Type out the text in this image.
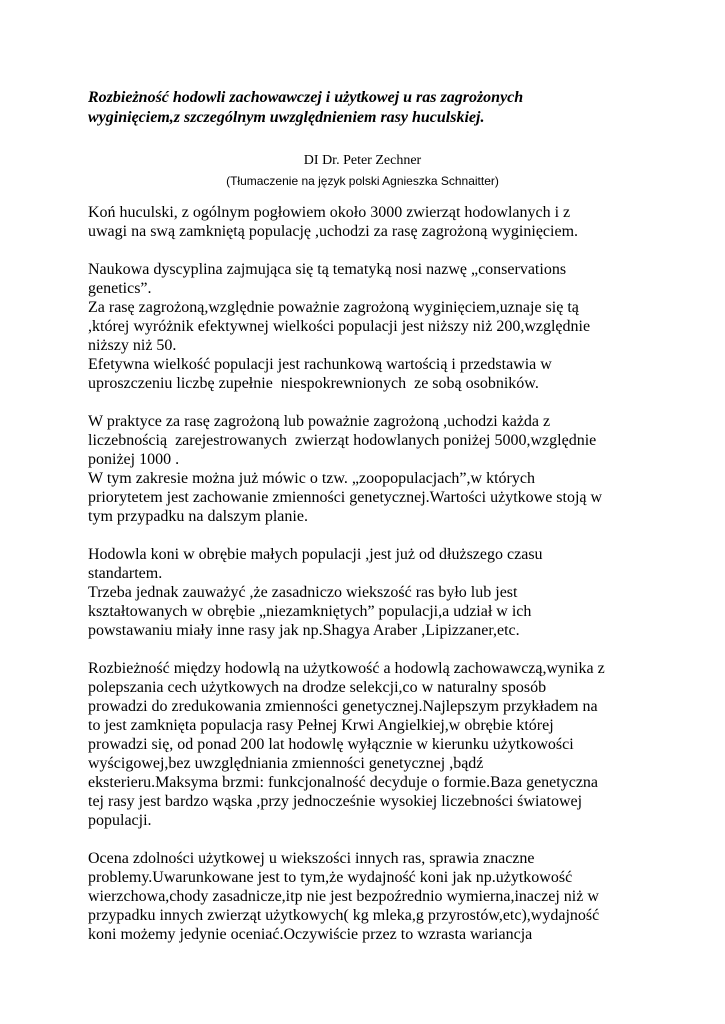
Rozbieżność hodowli zachowawczej i użytkowej u ras zagrożonych
wyginięciem,z szczególnym uwzględnieniem rasy huculskiej.

DI Dr. Peter Zechner

(Tłumaczenie na język polski Agnieszka Schnaitter)

Koń huculski, z ogólnym pogłowiem około 3000 zwierząt hodowlanych i z
uwagi na swą zamkniętą populację ,uchodzi za rasę zagrożoną wyginięciem.

Naukowa dyscyplina zajmująca się tą tematyką nosi nazwę „conservations
genetics”.
Za rasę zagrożoną,względnie poważnie zagrożoną wyginięciem,uznaje się tą
,której wyróżnik efektywnej wielkości populacji jest niższy niż 200,względnie
niższy niż 50.
Efetywna wielkość populacji jest rachunkową wartością i przedstawia w
uproszczeniu liczbę zupełnie  niespokrewnionych  ze sobą osobników.

W praktyce za rasę zagrożoną lub poważnie zagrożoną ,uchodzi każda z
liczebnością  zarejestrowanych  zwierząt hodowlanych poniżej 5000,względnie
poniżej 1000 .
W tym zakresie można już mówic o tzw. „zoopopulacjach”,w których
priorytetem jest zachowanie zmienności genetycznej.Wartości użytkowe stoją w
tym przypadku na dalszym planie.

Hodowla koni w obrębie małych populacji ,jest już od dłuższego czasu
standartem.
Trzeba jednak zauważyć ,że zasadniczo wiekszość ras było lub jest
kształtowanych w obrębie „niezamkniętych” populacji,a udział w ich
powstawaniu miały inne rasy jak np.Shagya Araber ,Lipizzaner,etc.

Rozbieżność między hodowlą na użytkowość a hodowlą zachowawczą,wynika z
polepszania cech użytkowych na drodze selekcji,co w naturalny sposób
prowadzi do zredukowania zmienności genetycznej.Najlepszym przykładem na
to jest zamknięta populacja rasy Pełnej Krwi Angielkiej,w obrębie której
prowadzi się, od ponad 200 lat hodowlę wyłącznie w kierunku użytkowości
wyścigowej,bez uwzględniania zmienności genetycznej ,bądź
eksterieru.Maksyma brzmi: funkcjonalność decyduje o formie.Baza genetyczna
tej rasy jest bardzo wąska ,przy jednocześnie wysokiej liczebności światowej
populacji.

Ocena zdolności użytkowej u wiekszości innych ras, sprawia znaczne
problemy.Uwarunkowane jest to tym,że wydajność koni jak np.użytkowość
wierzchowa,chody zasadnicze,itp nie jest bezpoźrednio wymierna,inaczej niż w
przypadku innych zwierząt użytkowych( kg mleka,g przyrostów,etc),wydajność
koni możemy jedynie oceniać.Oczywiście przez to wzrasta wariancja
